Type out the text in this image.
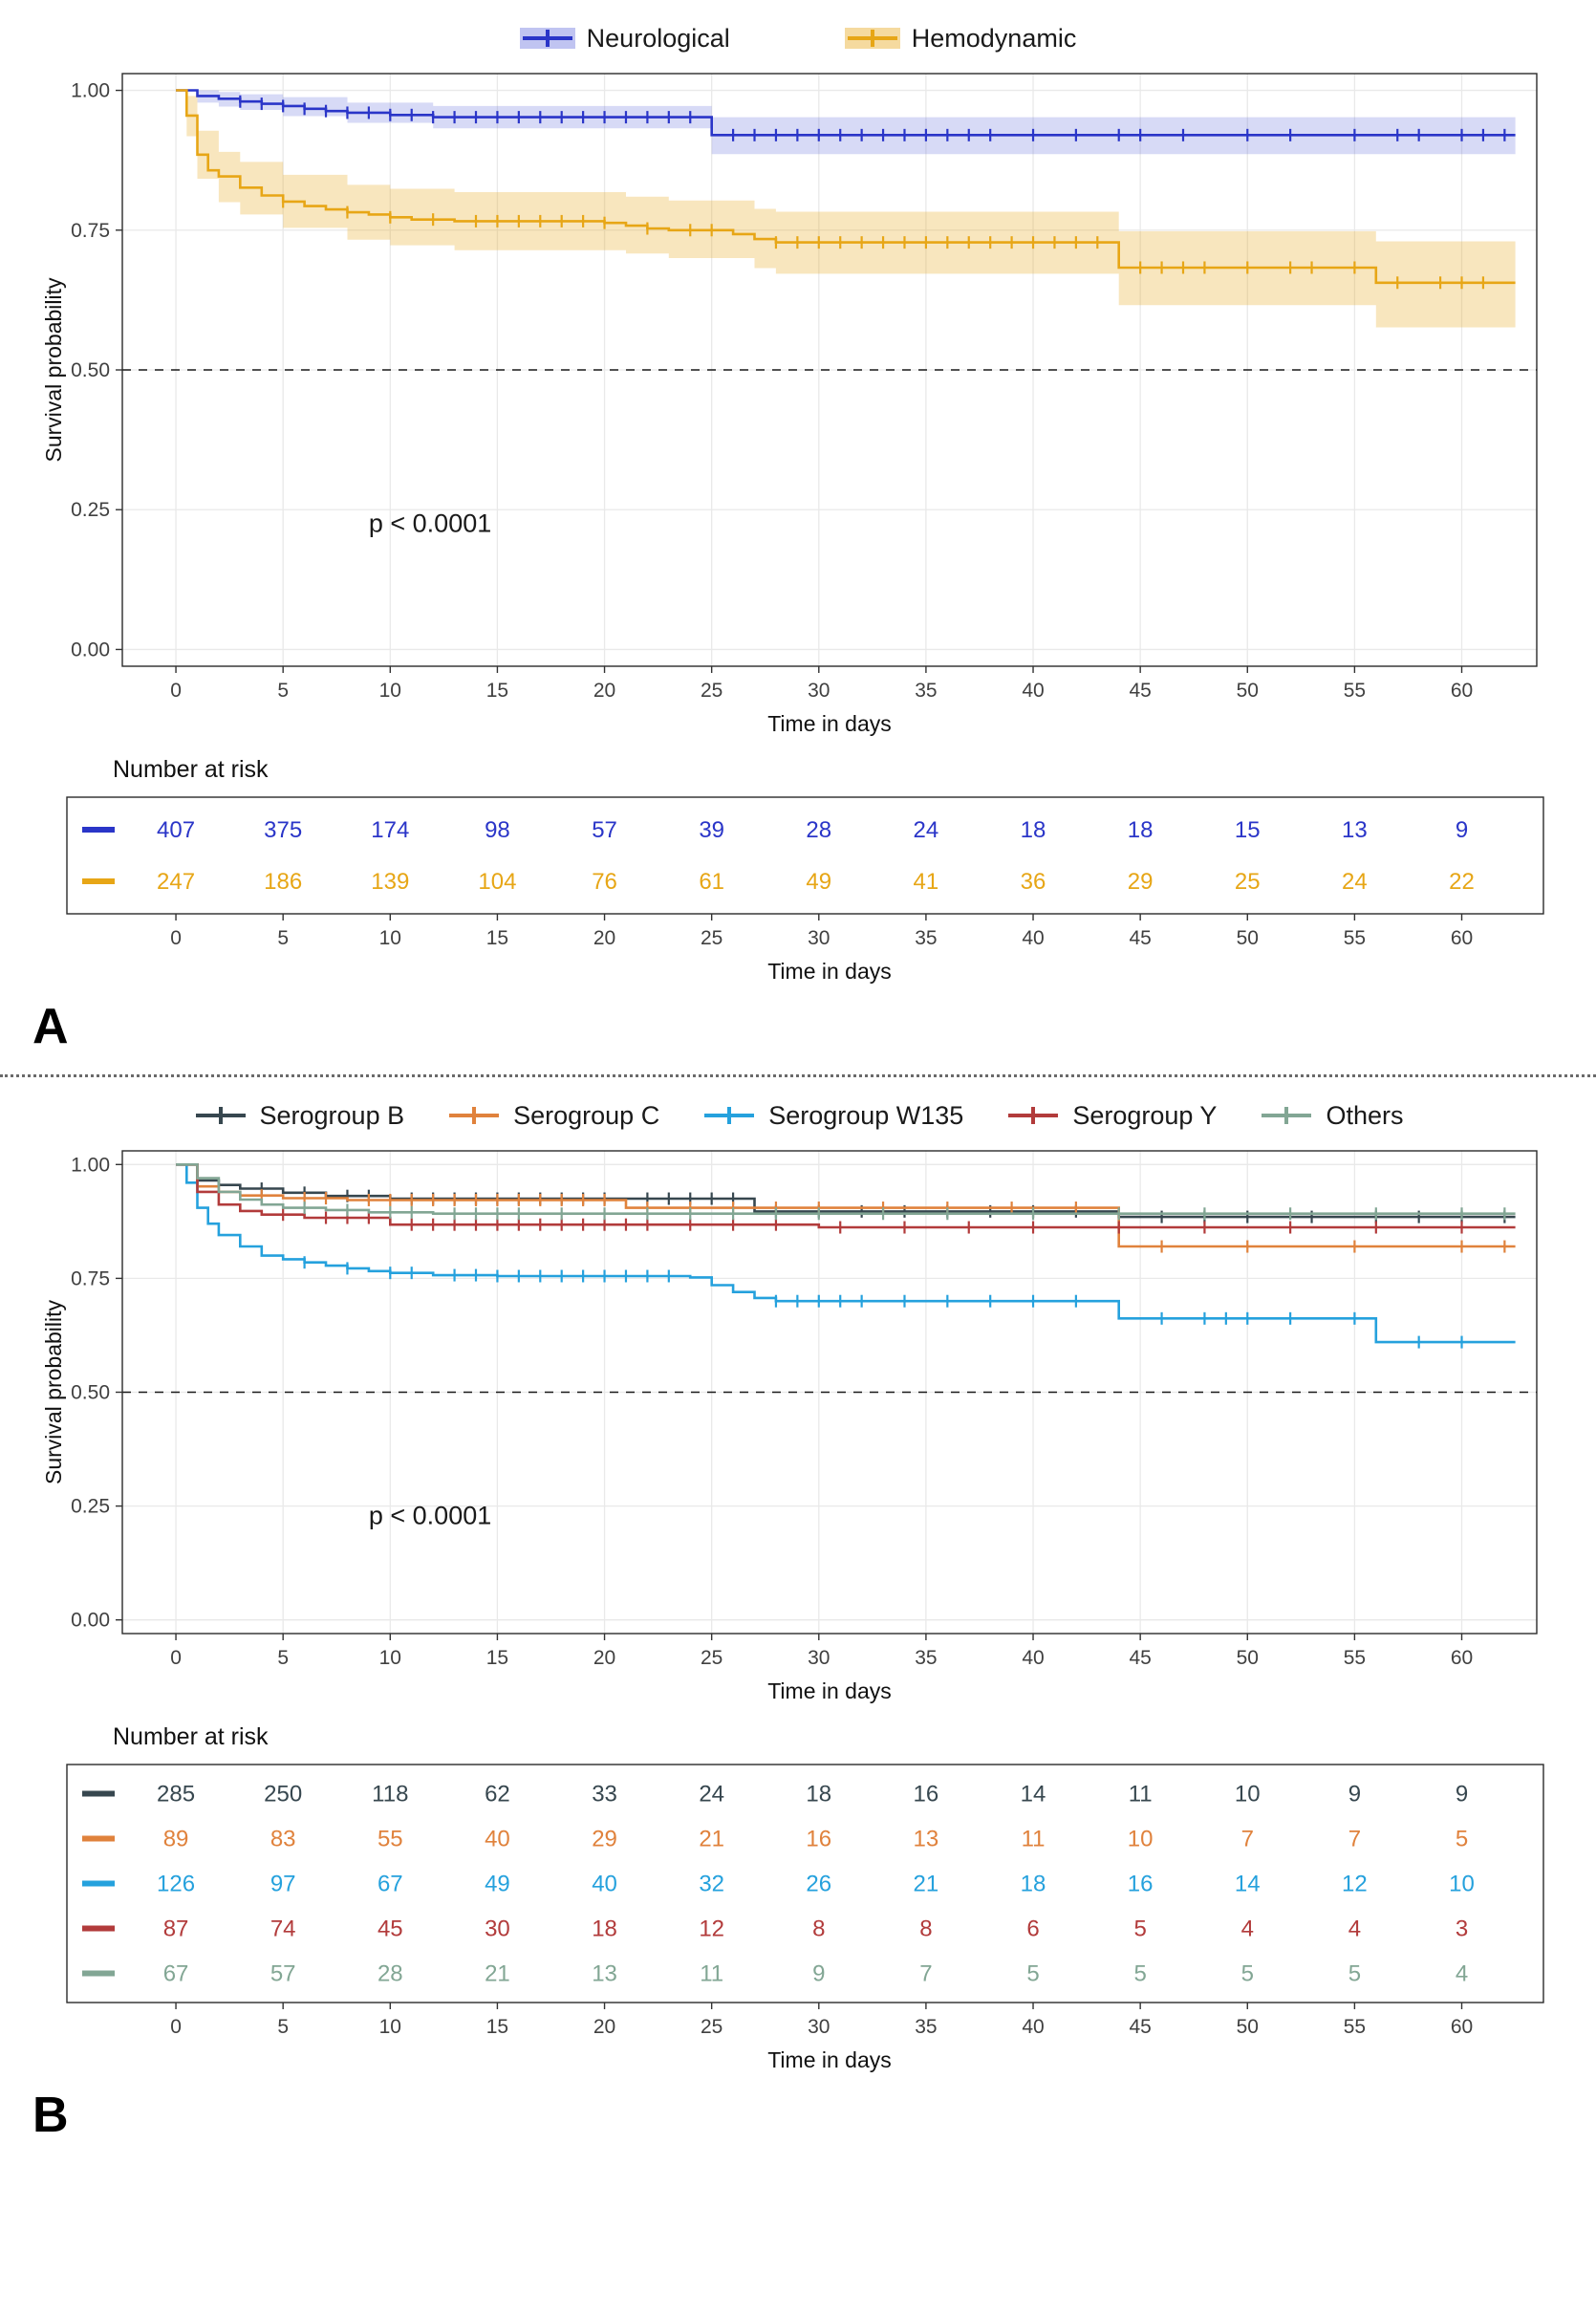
Neurological	Hemodynamic
0	5	10	15	20	25	30	35	40	45	50	55	60
0.00
0.25
0.50
0.75
1.00
Time in days
Survival probability
p < 0.0001
Number at risk
407	375	174	98	57	39	28	24	18	18	15	13	9
247	186	139	104	76	61	49	41	36	29	25	24	22
0	5	10	15	20	25	30	35	40	45	50	55	60
Time in days
A
Serogroup B	Serogroup C	Serogroup W135	Serogroup Y	Others
0	5	10	15	20	25	30	35	40	45	50	55	60
0.00
0.25
0.50
0.75
1.00
Time in days
Survival probability
p < 0.0001
Number at risk
285	250	118	62	33	24	18	16	14	11	10	9	9
89	83	55	40	29	21	16	13	11	10	7	7	5
126	97	67	49	40	32	26	21	18	16	14	12	10
87	74	45	30	18	12	8	8	6	5	4	4	3
67	57	28	21	13	11	9	7	5	5	5	5	4
0	5	10	15	20	25	30	35	40	45	50	55	60
Time in days
B
